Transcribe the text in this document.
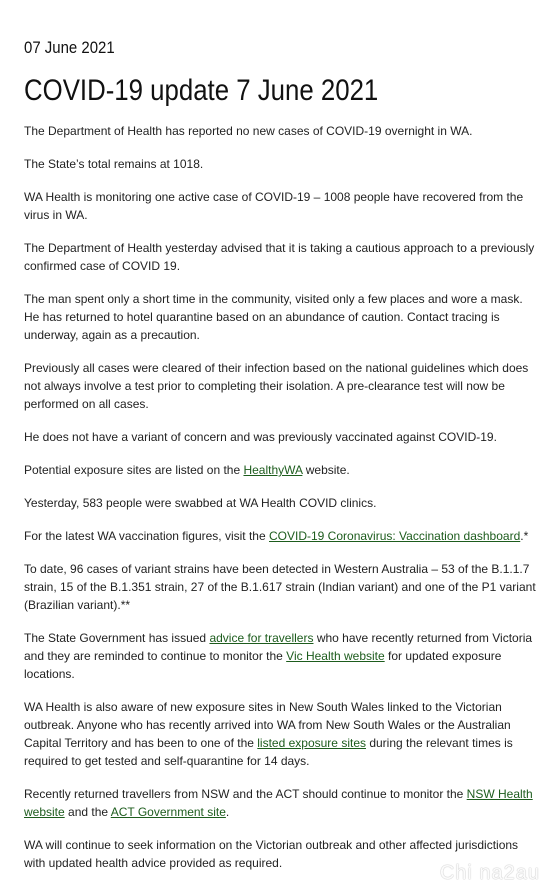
07 June 2021
COVID-19 update 7 June 2021

The Department of Health has reported no new cases of COVID-19 overnight in WA.

The State’s total remains at 1018.

WA Health is monitoring one active case of COVID-19 – 1008 people have recovered from the virus in WA.

The Department of Health yesterday advised that it is taking a cautious approach to a previously confirmed case of COVID 19.

The man spent only a short time in the community, visited only a few places and wore a mask. He has returned to hotel quarantine based on an abundance of caution. Contact tracing is underway, again as a precaution.

Previously all cases were cleared of their infection based on the national guidelines which does not always involve a test prior to completing their isolation. A pre-clearance test will now be performed on all cases.

He does not have a variant of concern and was previously vaccinated against COVID-19.

Potential exposure sites are listed on the HealthyWA website.

Yesterday, 583 people were swabbed at WA Health COVID clinics.

For the latest WA vaccination figures, visit the COVID-19 Coronavirus: Vaccination dashboard.*

To date, 96 cases of variant strains have been detected in Western Australia – 53 of the B.1.1.7 strain, 15 of the B.1.351 strain, 27 of the B.1.617 strain (Indian variant) and one of the P1 variant (Brazilian variant).**

The State Government has issued advice for travellers who have recently returned from Victoria and they are reminded to continue to monitor the Vic Health website for updated exposure locations.

WA Health is also aware of new exposure sites in New South Wales linked to the Victorian outbreak. Anyone who has recently arrived into WA from New South Wales or the Australian Capital Territory and has been to one of the listed exposure sites during the relevant times is required to get tested and self-quarantine for 14 days.

Recently returned travellers from NSW and the ACT should continue to monitor the NSW Health website and the ACT Government site.

WA will continue to seek information on the Victorian outbreak and other affected jurisdictions with updated health advice provided as required.	Chi na2au
